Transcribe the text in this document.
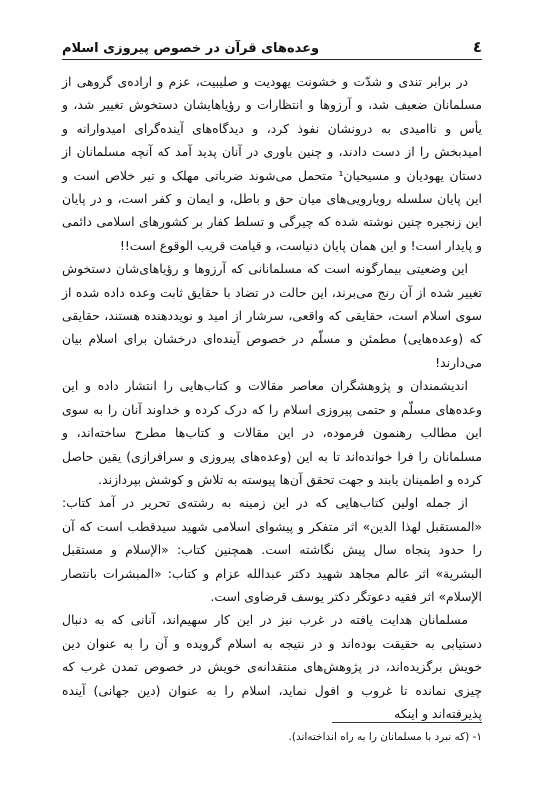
٤
وعده‌های قرآن در خصوص پیروزی اسلام

در برابر تندی و شدّت و خشونت یهودیت و صلیبیت، عزم و اراده‌ی گروهی از مسلمانان ضعیف شد، و آرزوها و انتظارات و رؤیاهایشان دستخوش تغییر شد، و یأس و ناامیدی به درونشان نفوذ کرد، و دیدگاه‌های آینده‌گرای امیدوارانه و امیدبخش را از دست دادند، و چنین باوری در آنان پدید آمد که آنچه مسلمانان از دستان یهودیان و مسیحیان¹ متحمل می‌شوند ضرباتی مهلک و تیر خلاص است و این پایان سلسله رویارویی‌های میان حق و باطل، و ایمان و کفر است، و در پایان این زنجیره چنین نوشته شده که چیرگی و تسلط کفار بر کشورهای اسلامی دائمی و پایدار است! و این همان پایان دنیاست، و قیامت قریب الوقوع است!!

این وضعیتی بیمارگونه است که مسلمانانی که آرزوها و رؤیاهای‌شان دستخوش تغییر شده از آن رنج می‌برند، این حالت در تضاد با حقایق ثابت وعده داده شده از سوی اسلام است، حقایقی که واقعی، سرشار از امید و نویددهنده هستند، حقایقی که (وعده‌هایی) مطمئن و مسلّم در خصوص آینده‌ای درخشان برای اسلام بیان می‌دارند!

اندیشمندان و پژوهشگران معاصر مقالات و کتاب‌هایی را انتشار داده و این وعده‌های مسلّم و حتمی پیروزی اسلام را که درک کرده و خداوند آنان را به سوی این مطالب رهنمون فرموده، در این مقالات و کتاب‌ها مطرح ساخته‌اند، و مسلمانان را فرا خوانده‌اند تا به این (وعده‌های پیروزی و سرافرازی) یقین حاصل کرده و اطمینان یابند و جهت تحقق آن‌ها پیوسته به تلاش و کوشش بپردازند.

از جمله اولین کتاب‌هایی که در این زمینه به رشته‌ی تحریر در آمد کتاب: «المستقبل لهذا الدین» اثر متفکر و پیشوای اسلامی شهید سیدقطب است که آن را حدود پنجاه سال پیش نگاشته است. همچنین کتاب: «الإسلام و مستقبل البشرية» اثر عالم مجاهد شهید دکتر عبدالله عزام و کتاب: «المبشرات بانتصار الإسلام» اثر فقیه دعوتگر دکتر یوسف قرضاوی است.

مسلمانان هدایت یافته در غرب نیز در این کار سهیم‌اند، آنانی که به دنبال دستیابی به حقیقت بوده‌اند و در نتیجه به اسلام گرویده و آن را به عنوان دین خویش برگزیده‌اند، در پژوهش‌های منتقدانه‌ی خویش در خصوص تمدن غرب که چیزی نمانده تا غروب و افول نماید، اسلام را به عنوان (دین جهانی) آینده پذیرفته‌اند و اینکه

۱- (که نبرد با مسلمانان را به راه انداخته‌اند).
